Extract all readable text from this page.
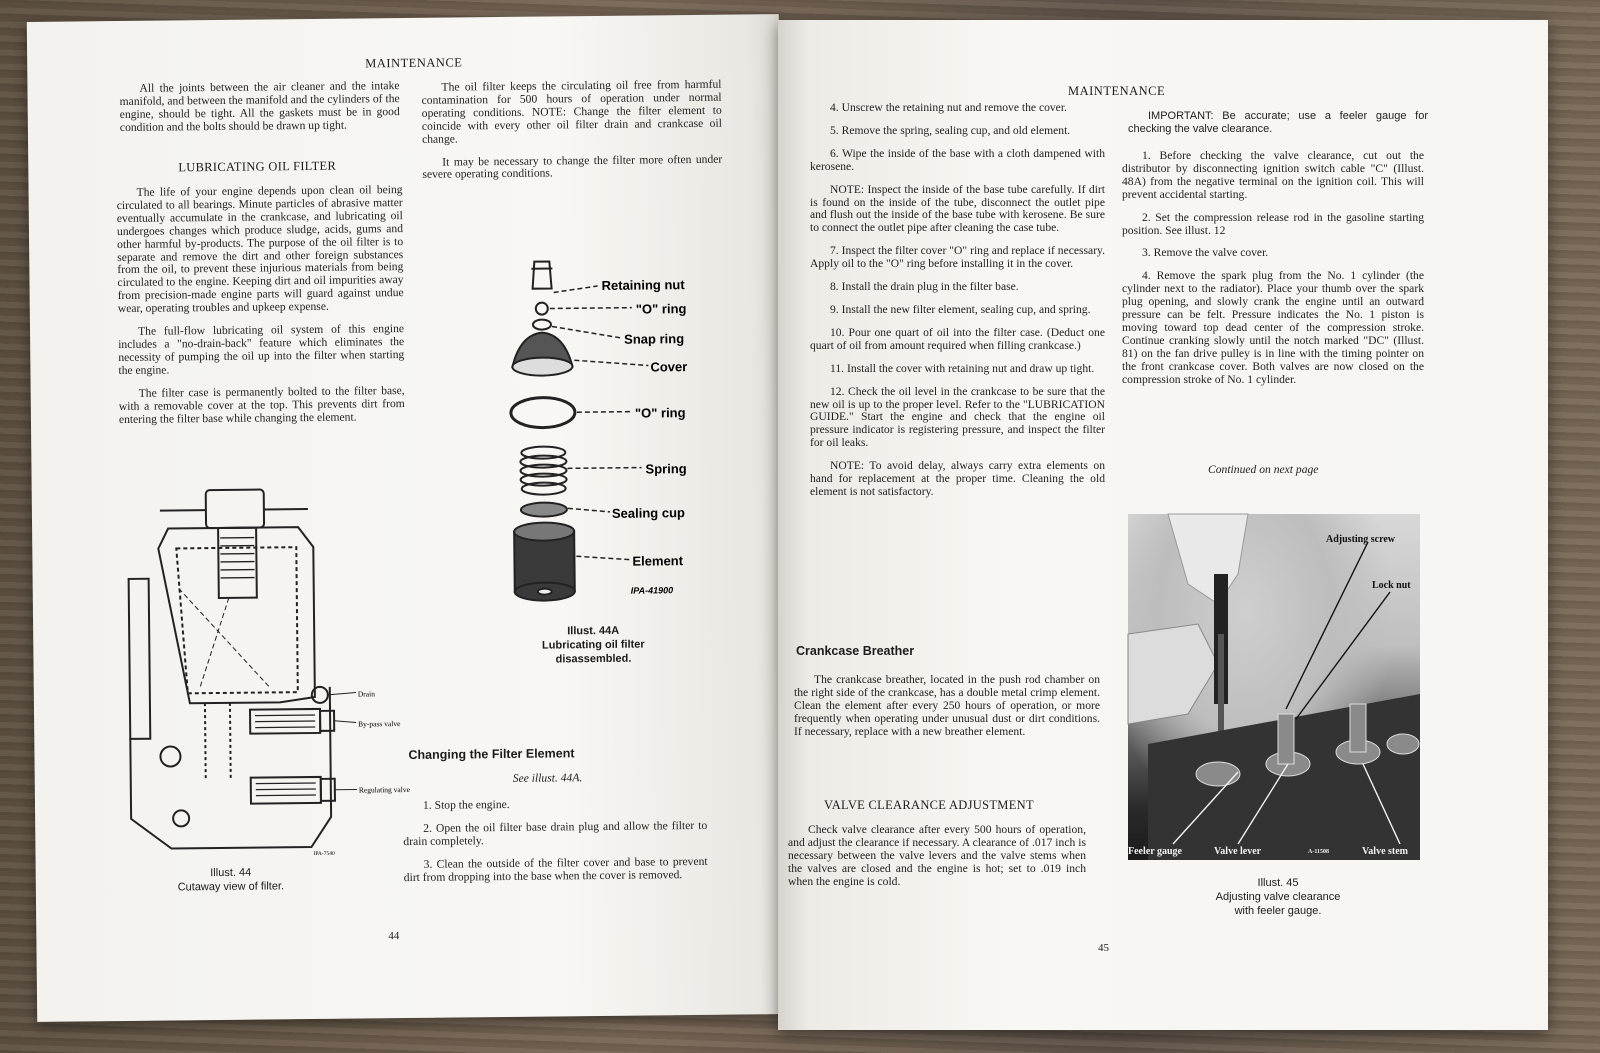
MAINTENANCE

All the joints between the air cleaner and the intake manifold, and between the manifold and the cylinders of the engine, should be tight. All the gaskets must be in good condition and the bolts should be drawn up tight.

LUBRICATING OIL FILTER

The life of your engine depends upon clean oil being circulated to all bearings. Minute particles of abrasive matter eventually accumulate in the crankcase, and lubricating oil undergoes changes which produce sludge, acids, gums and other harmful by-products. The purpose of the oil filter is to separate and remove the dirt and other foreign substances from the oil, to prevent these injurious materials from being circulated to the engine. Keeping dirt and oil impurities away from precision-made engine parts will guard against undue wear, operating troubles and upkeep expense.

The full-flow lubricating oil system of this engine includes a "no-drain-back" feature which eliminates the necessity of pumping the oil up into the filter when starting the engine.

The filter case is permanently bolted to the filter base, with a removable cover at the top. This prevents dirt from entering the filter base while changing the element.

The oil filter keeps the circulating oil free from harmful contamination for 500 hours of operation under normal operating conditions. NOTE: Change the filter element to coincide with every other oil filter drain and crankcase oil change.

It may be necessary to change the filter more often under severe operating conditions.

Drain
By-pass valve
Regulating valve
IPA-7540
Illust. 44
Cutaway view of filter.
Retaining nut
"O" ring
Snap ring
Cover
"O" ring
Spring
Sealing cup
Element
IPA-41900
Illust. 44A
Lubricating oil filter disassembled.
Changing the Filter Element
See illust. 44A.

1. Stop the engine.

2. Open the oil filter base drain plug and allow the filter to drain completely.

3. Clean the outside of the filter cover and base to prevent dirt from dropping into the base when the cover is removed.

44
MAINTENANCE

4. Unscrew the retaining nut and remove the cover.

5. Remove the spring, sealing cup, and old element.

6. Wipe the inside of the base with a cloth dampened with kerosene.

NOTE: Inspect the inside of the base tube carefully. If dirt is found on the inside of the tube, disconnect the outlet pipe and flush out the inside of the base tube with kerosene. Be sure to connect the outlet pipe after cleaning the case tube.

7. Inspect the filter cover "O" ring and replace if necessary. Apply oil to the "O" ring before installing it in the cover.

8. Install the drain plug in the filter base.

9. Install the new filter element, sealing cup, and spring.

10. Pour one quart of oil into the filter case. (Deduct one quart of oil from amount required when filling crankcase.)

11. Install the cover with retaining nut and draw up tight.

12. Check the oil level in the crankcase to be sure that the new oil is up to the proper level. Refer to the "LUBRICATION GUIDE." Start the engine and check that the engine oil pressure indicator is registering pressure, and inspect the filter for oil leaks.

NOTE: To avoid delay, always carry extra elements on hand for replacement at the proper time. Cleaning the old element is not satisfactory.

Crankcase Breather

The crankcase breather, located in the push rod chamber on the right side of the crankcase, has a double metal crimp element. Clean the element after every 250 hours of operation, or more frequently when operating under unusual dust or dirt conditions. If necessary, replace with a new breather element.

VALVE CLEARANCE ADJUSTMENT

Check valve clearance after every 500 hours of operation, and adjust the clearance if necessary. A clearance of .017 inch is necessary between the valve levers and the valve stems when the valves are closed and the engine is hot; set to .019 inch when the engine is cold.

IMPORTANT: Be accurate; use a feeler gauge for checking the valve clearance.

1. Before checking the valve clearance, cut out the distributor by disconnecting ignition switch cable "C" (Illust. 48A) from the negative terminal on the ignition coil. This will prevent accidental starting.

2. Set the compression release rod in the gasoline starting position. See illust. 12

3. Remove the valve cover.

4. Remove the spark plug from the No. 1 cylinder (the cylinder next to the radiator). Place your thumb over the spark plug opening, and slowly crank the engine until an outward pressure can be felt. Pressure indicates the No. 1 piston is moving toward top dead center of the compression stroke. Continue cranking slowly until the notch marked "DC" (Illust. 81) on the fan drive pulley is in line with the timing pointer on the front crankcase cover. Both valves are now closed on the compression stroke of No. 1 cylinder.

Continued on next page
Adjusting screw
Lock nut
Feeler gauge	Valve lever	A-11508	Valve stem
Illust. 45
Adjusting valve clearance
with feeler gauge.
45
